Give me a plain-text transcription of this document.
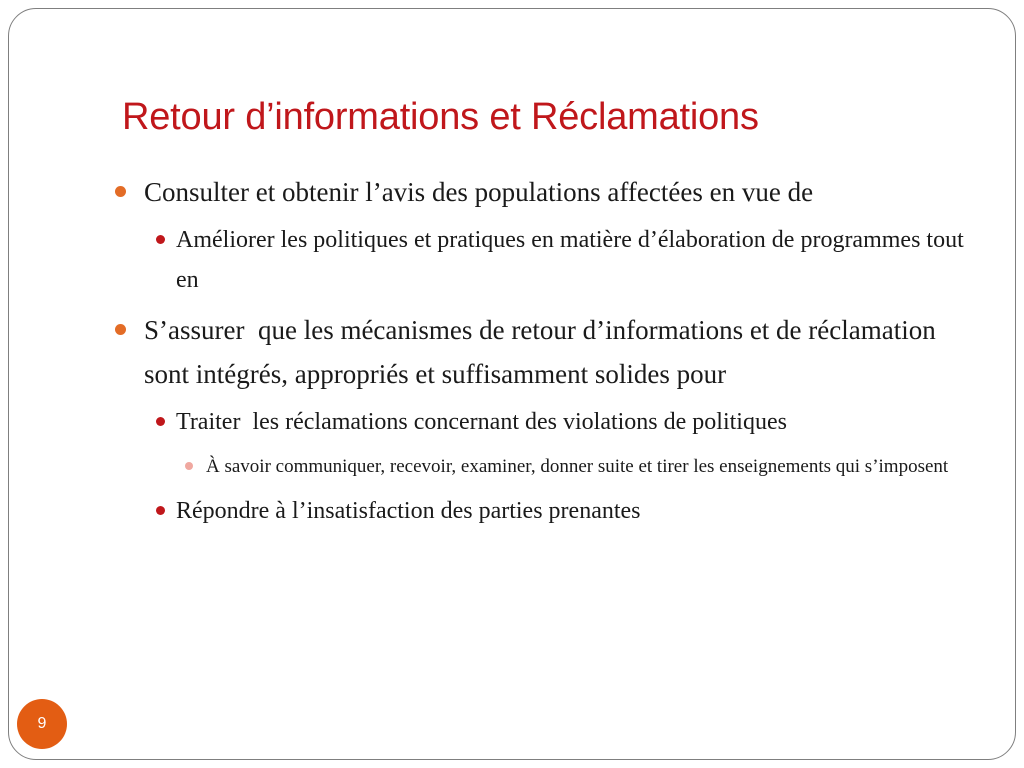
Retour d’informations et Réclamations
Consulter et obtenir l’avis des populations affectées en vue de
Améliorer les politiques et pratiques en matière d’élaboration de programmes tout en
S’assurer  que les mécanismes de retour d’informations et de réclamation sont intégrés, appropriés et suffisamment solides pour
Traiter  les réclamations concernant des violations de politiques
À savoir communiquer, recevoir, examiner, donner suite et tirer les enseignements qui s’imposent
Répondre à l’insatisfaction des parties prenantes
9
